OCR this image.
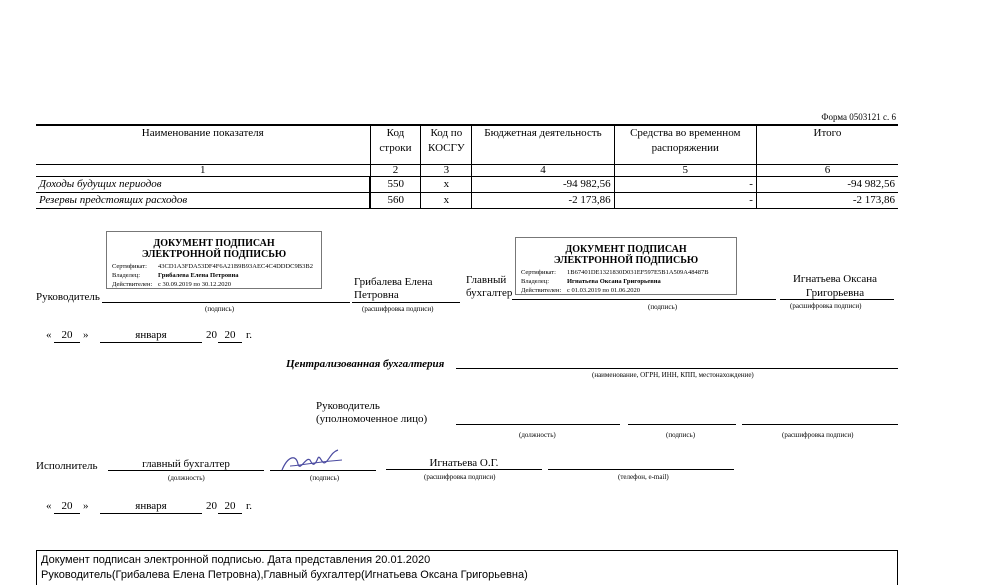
Форма 0503121 с. 6
Наименование показателя	Код строки	Код по КОСГУ	Бюджетная деятельность	Средства во временном распоряжении	Итого
1	2	3	4	5	6
Доходы будущих периодов	550	x	-94 982,56	-	-94 982,56
Резервы предстоящих расходов	560	x	-2 173,86	-	-2 173,86
ДОКУМЕНТ ПОДПИСАН
ЭЛЕКТРОННОЙ ПОДПИСЬЮ
Сертификат: 43CD1A3FDA53DF4F6A21B9B93AEC4C4DDDC9B3B2
Владелец:	Грибалева Елена Петровна
Действителен: с 30.09.2019 по 30.12.2020
ДОКУМЕНТ ПОДПИСАН
ЭЛЕКТРОННОЙ ПОДПИСЬЮ
Сертификат: 1B67401DE1321830D031EF597E5B1A509A48487B
Владелец:	Игнатьева Оксана Григорьевна
Действителен: с 01.03.2019 по 01.06.2020
Руководитель
(подпись)
Грибалева Елена
Петровна
(расшифровка подписи)
Главный
бухгалтер
(подпись)
Игнатьева Оксана
Григорьевна
(расшифровка подписи)
« 20 »	января	20 20 г.
Централизованная бухгалтерия
(наименование, ОГРН, ИНН, КПП, местонахождение)
Руководитель
(уполномоченное лицо)
(должность)	(подпись)	(расшифровка подписи)
Исполнитель	главный бухгалтер
(должность)	(подпись)
Игнатьева О.Г.
(расшифровка подписи)	(телефон, e-mail)
« 20 »	января	20 20 г.
Документ подписан электронной подписью. Дата представления 20.01.2020
Руководитель(Грибалева Елена Петровна),Главный бухгалтер(Игнатьева Оксана Григорьевна)
